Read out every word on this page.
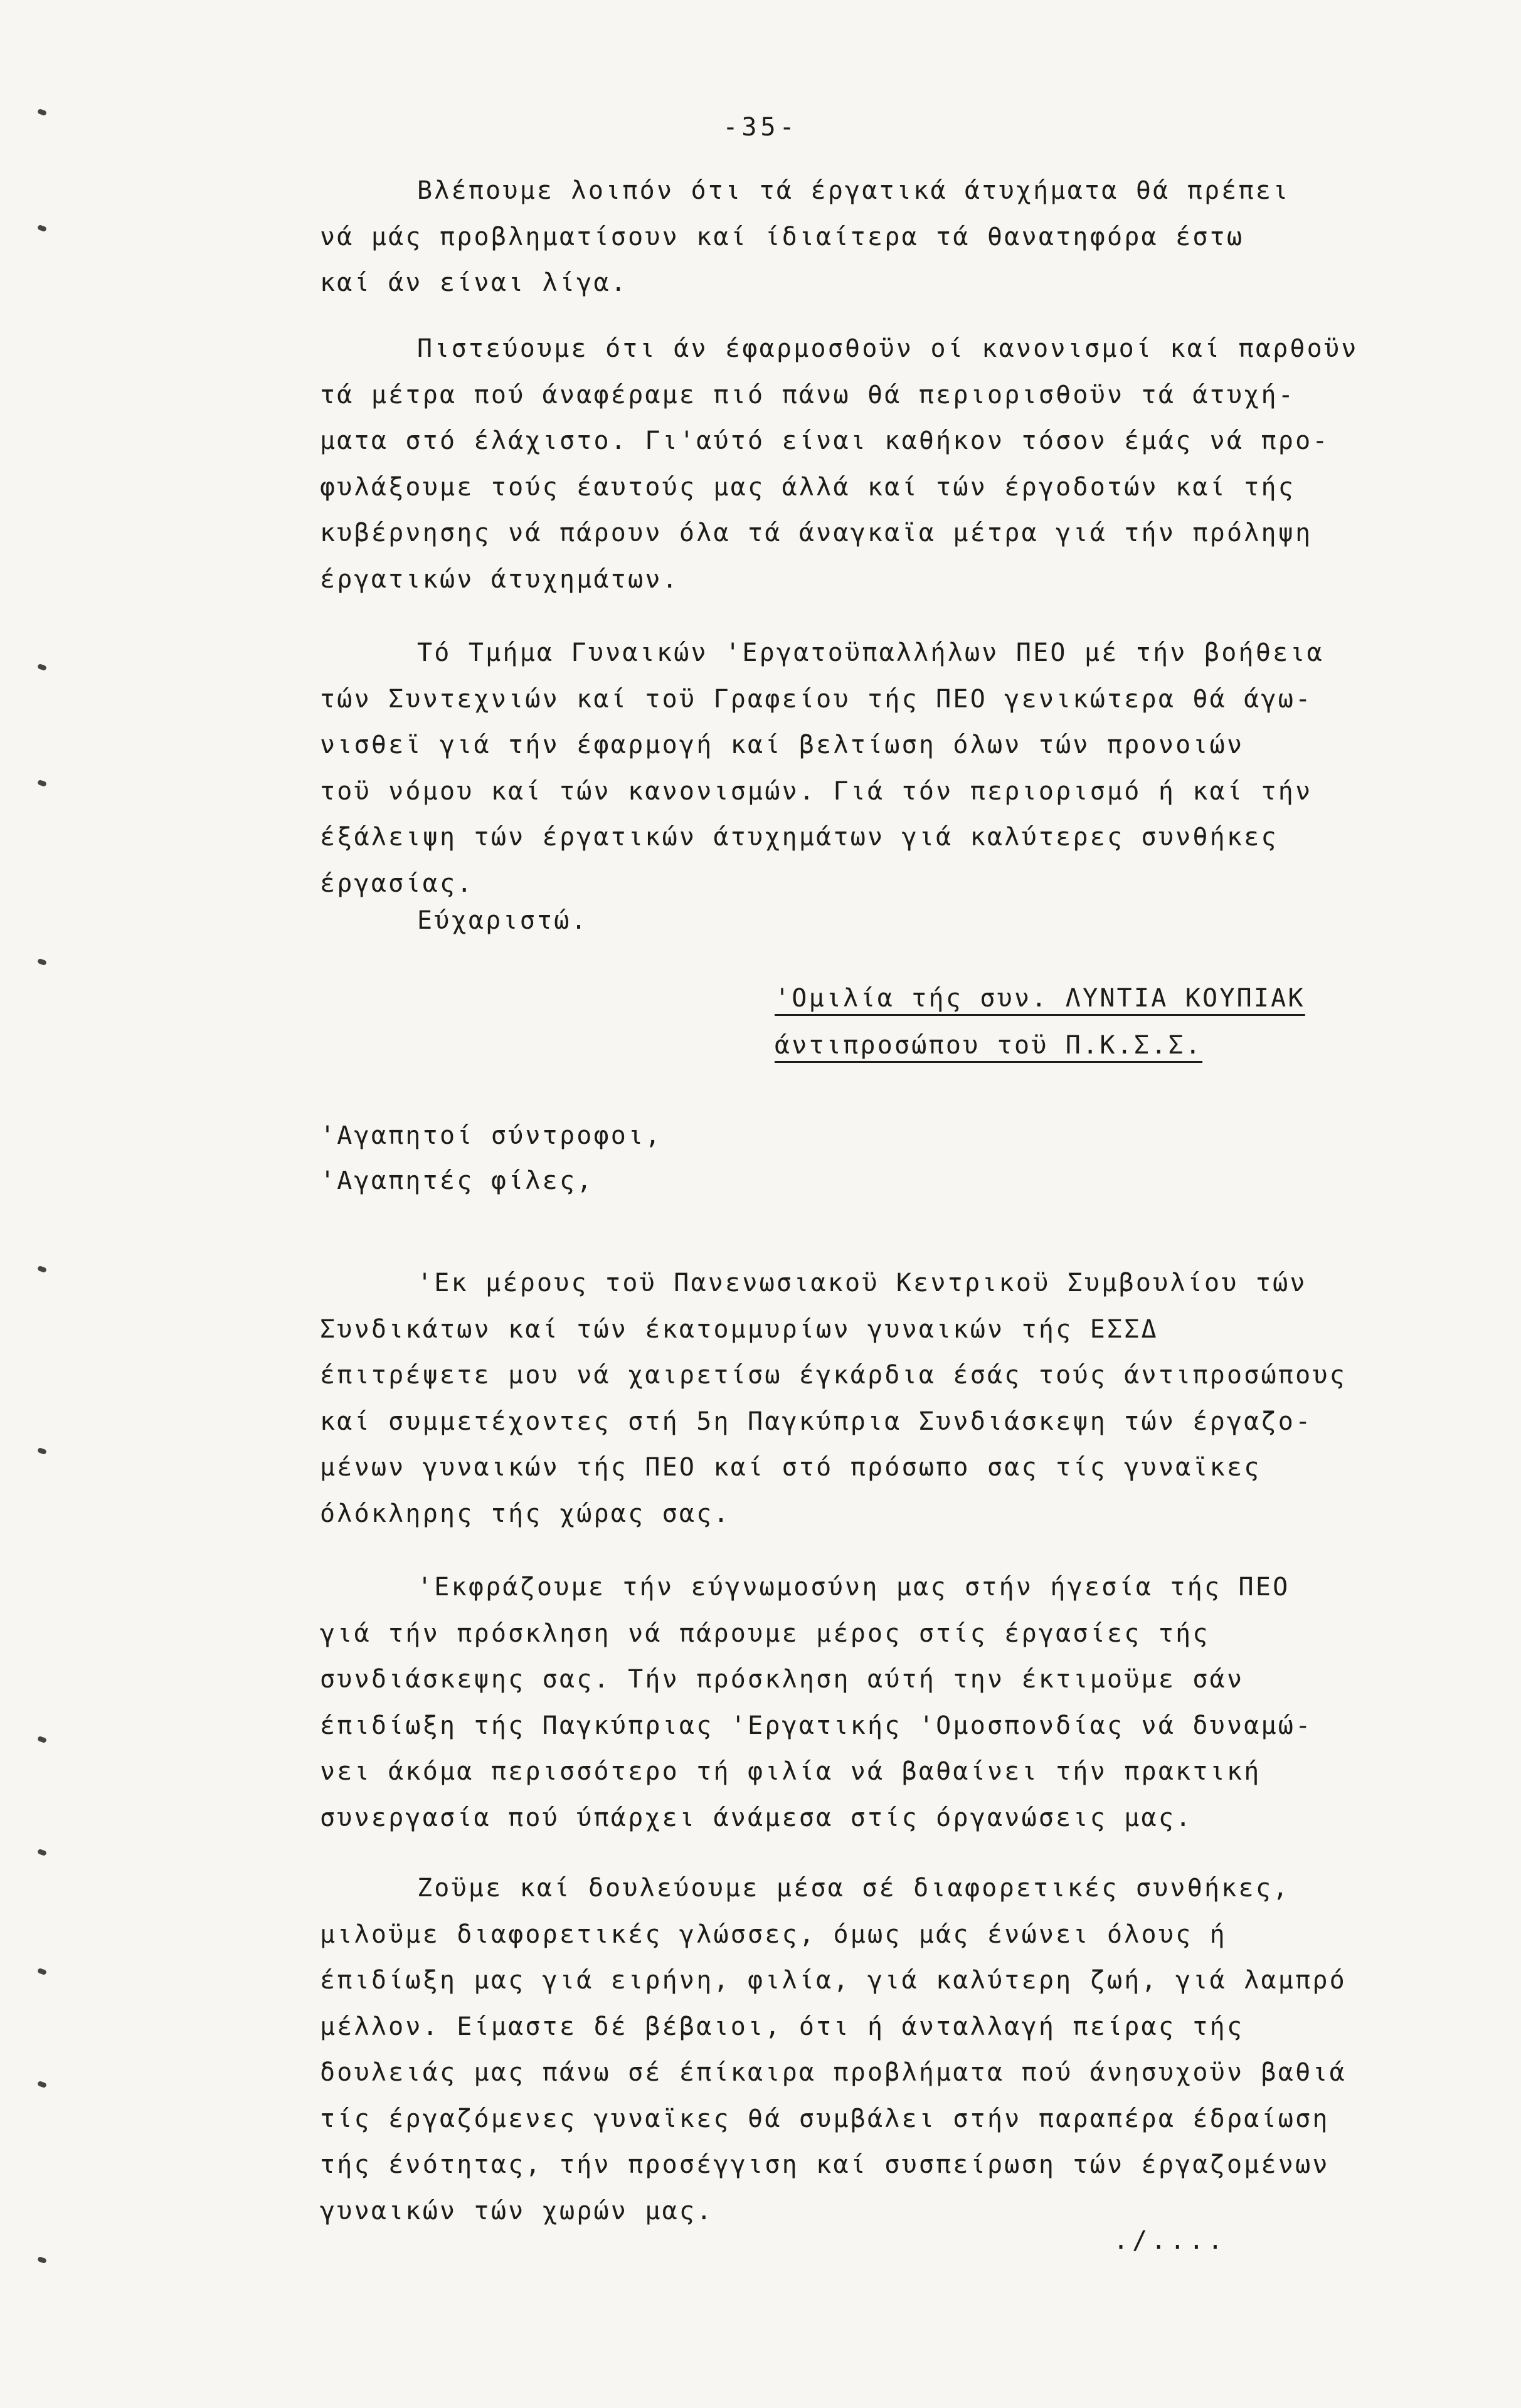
-35-
Βλέπουμε λοιπόν ότι τά έργατικά άτυχήματα θά πρέπει
νά μάς προβληματίσουν καί ίδιαίτερα τά θανατηφόρα έστω
καί άν είναι λίγα.
Πιστεύουμε ότι άν έφαρμοσθοϋν οί κανονισμοί καί παρθοϋν
τά μέτρα πού άναφέραμε πιό πάνω θά περιορισθοϋν τά άτυχή-
ματα στό έλάχιστο. Γι'αύτό είναι καθήκον τόσον έμάς νά προ-
φυλάξουμε τούς έαυτούς μας άλλά καί τών έργοδοτών καί τής
κυβέρνησης νά πάρουν όλα τά άναγκαϊα μέτρα γιά τήν πρόληψη
έργατικών άτυχημάτων.
Τό Τμήμα Γυναικών 'Εργατοϋπαλλήλων ΠΕΟ μέ τήν βοήθεια
τών Συντεχνιών καί τοϋ Γραφείου τής ΠΕΟ γενικώτερα θά άγω-
νισθεϊ γιά τήν έφαρμογή καί βελτίωση όλων τών προνοιών
τοϋ νόμου καί τών κανονισμών. Γιά τόν περιορισμό ή καί τήν
έξάλειψη τών έργατικών άτυχημάτων γιά καλύτερες συνθήκες
έργασίας.
Εύχαριστώ.
'Ομιλία τής συν. ΛΥΝΤΙΑ ΚΟΥΠΙΑΚ
άντιπροσώπου τοϋ Π.Κ.Σ.Σ.
'Αγαπητοί σύντροφοι,
'Αγαπητές φίλες,
'Εκ μέρους τοϋ Πανενωσιακοϋ Κεντρικοϋ Συμβουλίου τών
Συνδικάτων καί τών έκατομμυρίων γυναικών τής ΕΣΣΔ
έπιτρέψετε μου νά χαιρετίσω έγκάρδια έσάς τούς άντιπροσώπους
καί συμμετέχοντες στή 5η Παγκύπρια Συνδιάσκεψη τών έργαζο-
μένων γυναικών τής ΠΕΟ καί στό πρόσωπο σας τίς γυναϊκες
όλόκληρης τής χώρας σας.
'Εκφράζουμε τήν εύγνωμοσύνη μας στήν ήγεσία τής ΠΕΟ
γιά τήν πρόσκληση νά πάρουμε μέρος στίς έργασίες τής
συνδιάσκεψης σας. Τήν πρόσκληση αύτή την έκτιμοϋμε σάν
έπιδίωξη τής Παγκύπριας 'Εργατικής 'Ομοσπονδίας νά δυναμώ-
νει άκόμα περισσότερο τή φιλία νά βαθαίνει τήν πρακτική
συνεργασία πού ύπάρχει άνάμεσα στίς όργανώσεις μας.
Ζοϋμε καί δουλεύουμε μέσα σέ διαφορετικές συνθήκες,
μιλοϋμε διαφορετικές γλώσσες, όμως μάς ένώνει όλους ή
έπιδίωξη μας γιά ειρήνη, φιλία, γιά καλύτερη ζωή, γιά λαμπρό
μέλλον. Είμαστε δέ βέβαιοι, ότι ή άνταλλαγή πείρας τής
δουλειάς μας πάνω σέ έπίκαιρα προβλήματα πού άνησυχοϋν βαθιά
τίς έργαζόμενες γυναϊκες θά συμβάλει στήν παραπέρα έδραίωση
τής ένότητας, τήν προσέγγιση καί συσπείρωση τών έργαζομένων
γυναικών τών χωρών μας.
./....
